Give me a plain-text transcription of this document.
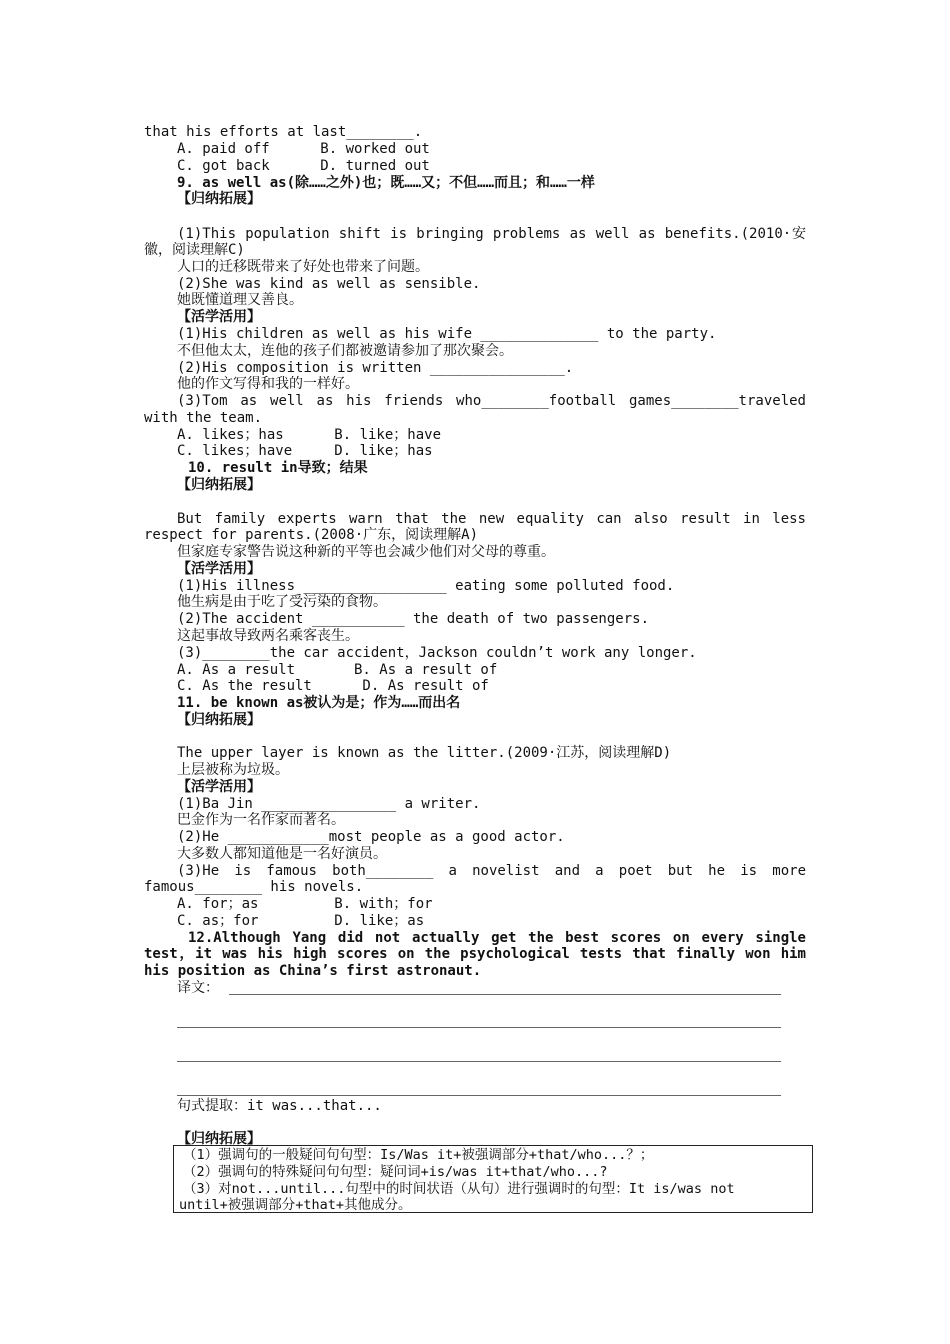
that his efforts at last________.
A. paid off      B. worked out
C. got back      D. turned out
9. as well as(除……之外)也；既……又；不但……而且；和……一样
【归纳拓展】
(1)This population shift is bringing problems as well as benefits.(2010·安
徽，阅读理解C)
人口的迁移既带来了好处也带来了问题。
(2)She was kind as well as sensible.
她既懂道理又善良。
【活学活用】
(1)His children as well as his wife ______________ to the party.
不但他太太，连他的孩子们都被邀请参加了那次聚会。
(2)His composition is written ________________.
他的作文写得和我的一样好。
(3)Tom as well as his friends who________football games________traveled
with the team.
A. likes；has      B. like；have
C. likes；have     D. like；has
10. result in导致；结果
【归纳拓展】
But family experts warn that the new equality can also result in less
respect for parents.(2008·广东，阅读理解A)
但家庭专家警告说这种新的平等也会减少他们对父母的尊重。
【活学活用】
(1)His illness _________________ eating some polluted food.
他生病是由于吃了受污染的食物。
(2)The accident ___________ the death of two passengers.
这起事故导致两名乘客丧生。
(3)________the car accident，Jackson couldn’t work any longer.
A. As a result       B. As a result of
C. As the result      D. As result of
11. be known as被认为是；作为……而出名
【归纳拓展】
The upper layer is known as the litter.(2009·江苏，阅读理解D)
上层被称为垃圾。
【活学活用】
(1)Ba Jin ________________ a writer.
巴金作为一名作家而著名。
(2)He ____________most people as a good actor.
大多数人都知道他是一名好演员。
(3)He is famous both________ a novelist and a poet but he is more
famous________ his novels.
A. for；as         B. with；for
C. as；for         D. like；as
12.Although Yang did not actually get the best scores on every single
test，it was his high scores on the psychological tests that finally won him
his position as China’s first astronaut.
译文：
句式提取：it was...that...
【归纳拓展】
（1）强调句的一般疑问句句型：Is/Was it+被强调部分+that/who...？；
（2）强调句的特殊疑问句句型：疑问词+is/was it+that/who...?
（3）对not...until...句型中的时间状语（从句）进行强调时的句型：It is/was not
until+被强调部分+that+其他成分。
